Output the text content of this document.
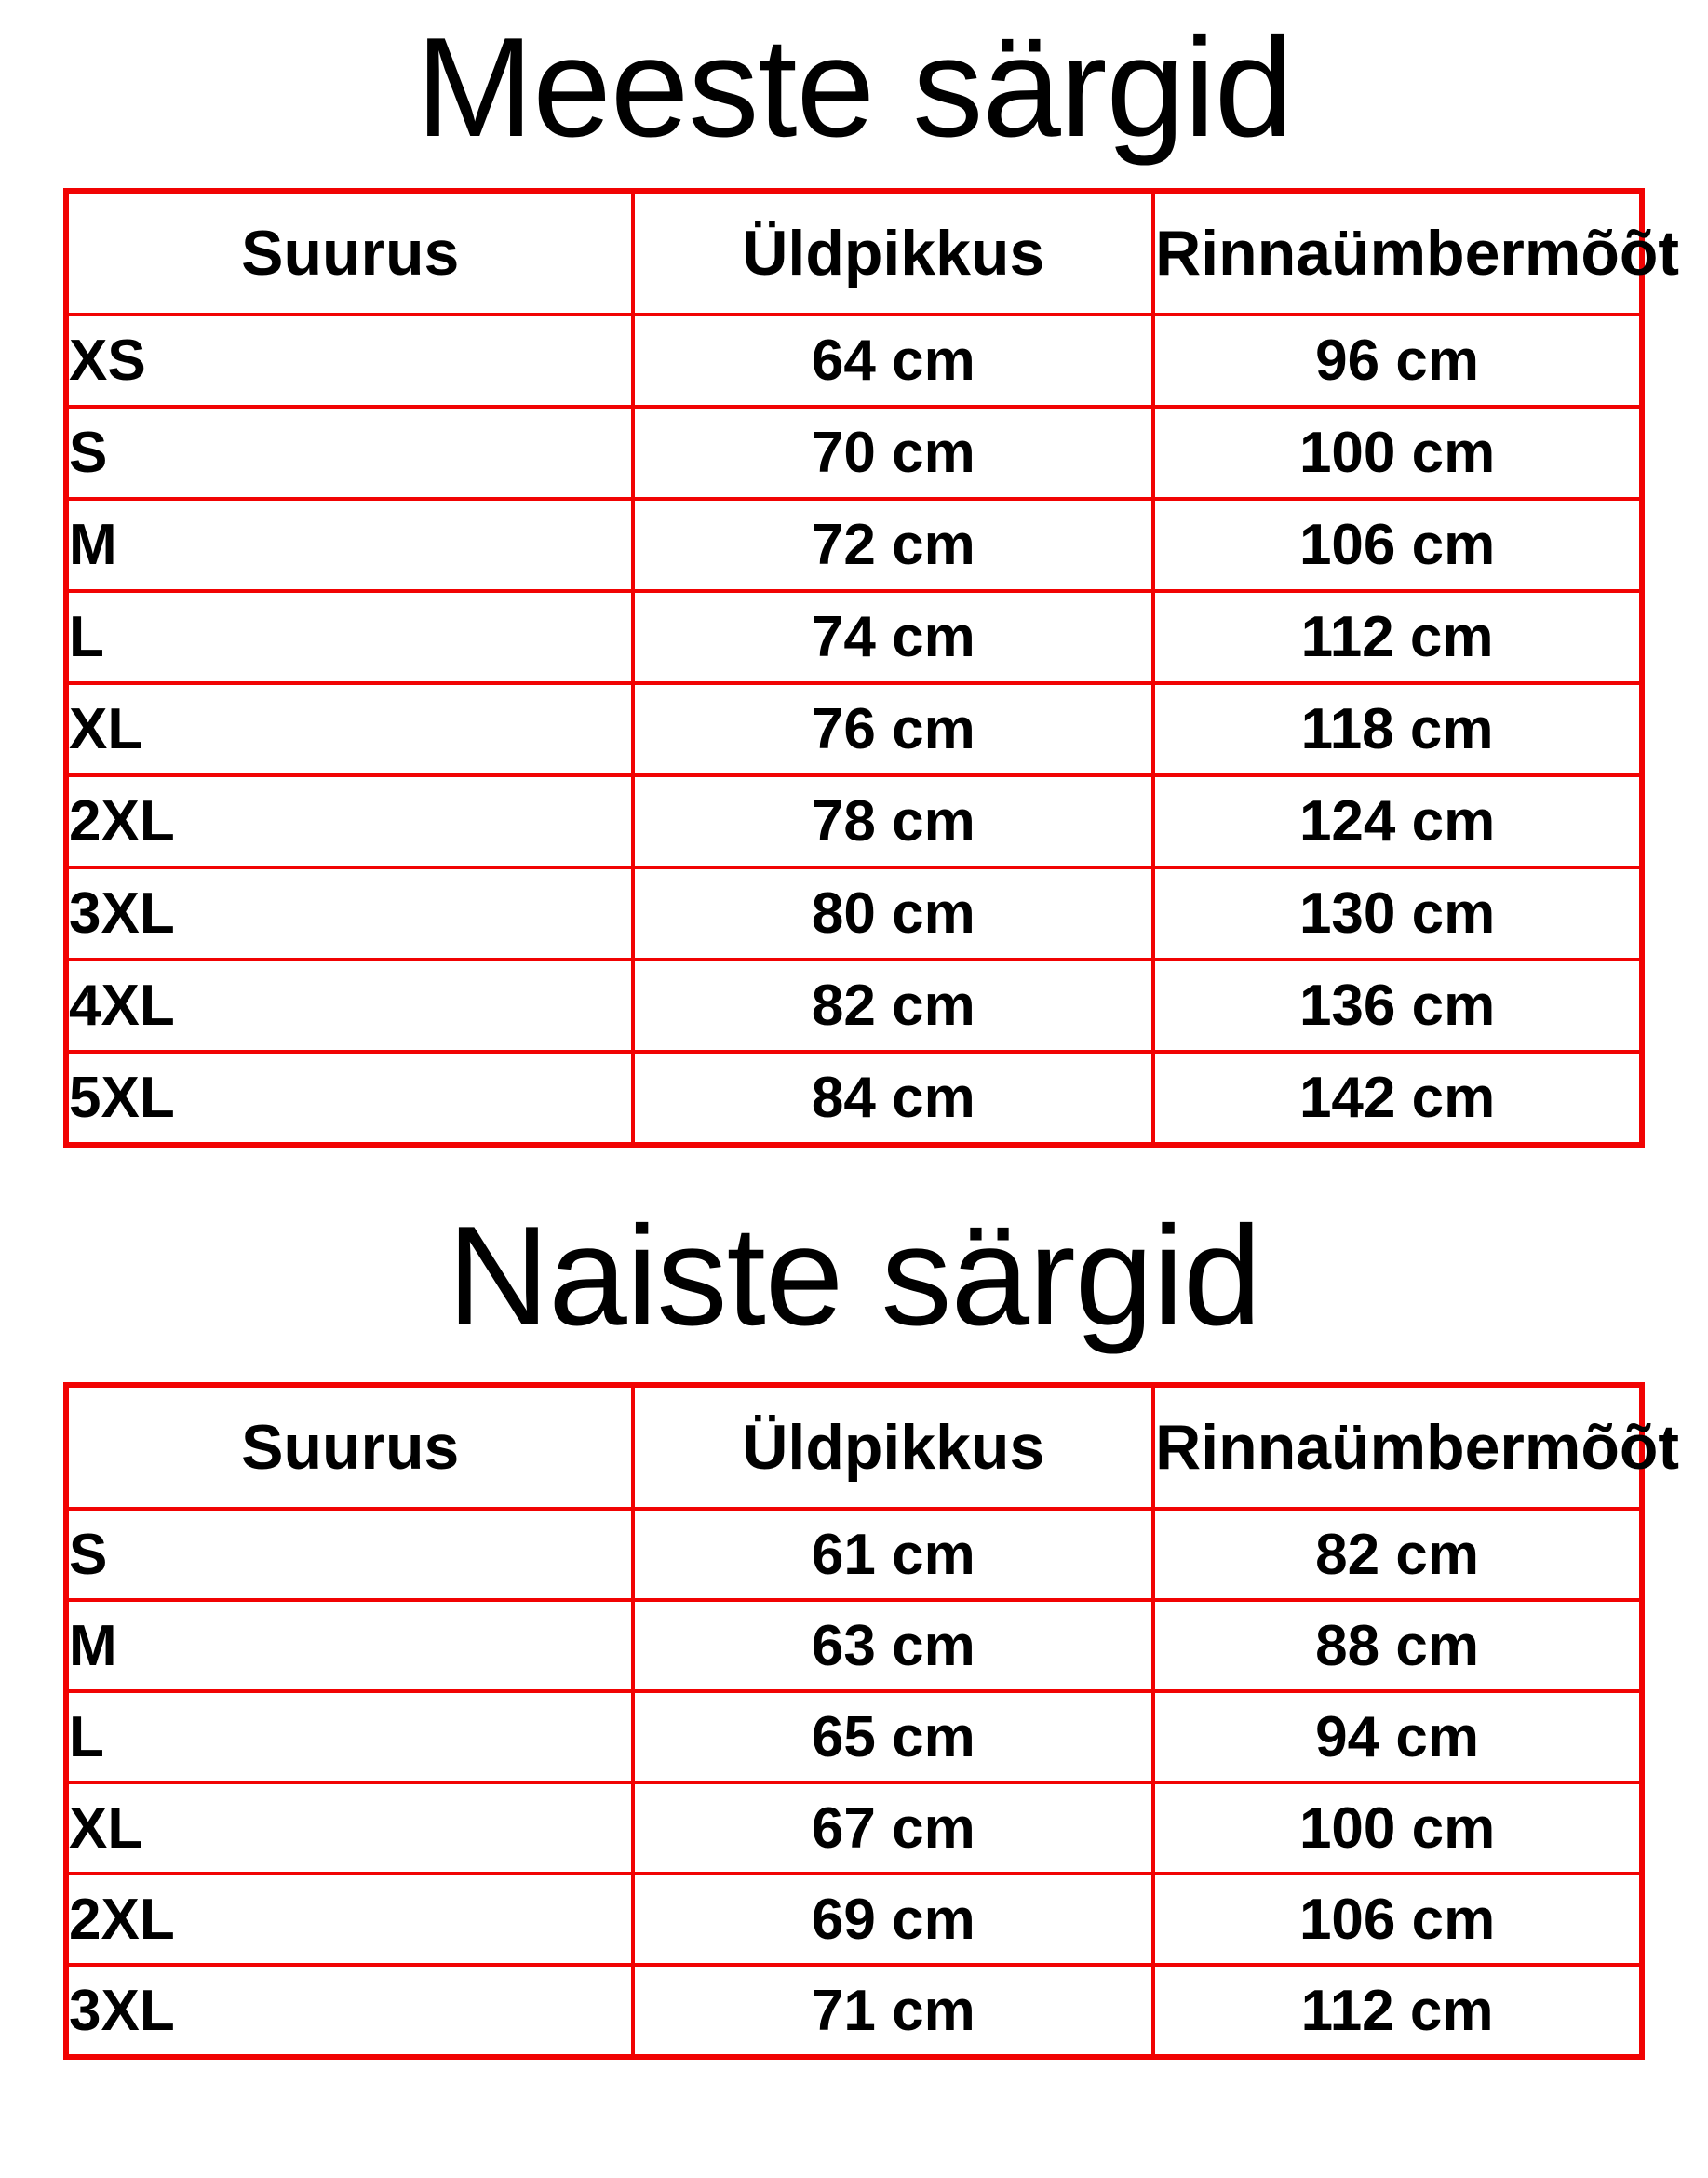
Meeste särgid
Suurus	Üldpikkus	Rinnaümbermõõt
XS	64 cm	96 cm
S	70 cm	100 cm
M	72 cm	106 cm
L	74 cm	112 cm
XL	76 cm	118 cm
2XL	78 cm	124 cm
3XL	80 cm	130 cm
4XL	82 cm	136 cm
5XL	84 cm	142 cm
Naiste särgid
Suurus	Üldpikkus	Rinnaümbermõõt
S	61 cm	82 cm
M	63 cm	88 cm
L	65 cm	94 cm
XL	67 cm	100 cm
2XL	69 cm	106 cm
3XL	71 cm	112 cm
